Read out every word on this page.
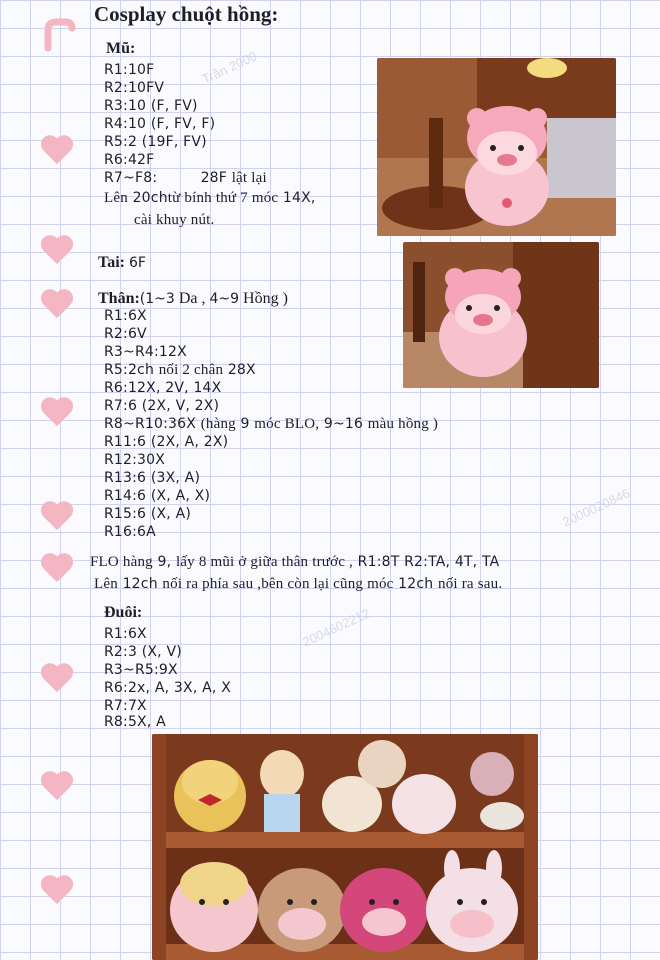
Trần 2000
2000020846
2004602212
Cosplay chuột hồng:
Mũ:
R1:10F
R2:10FV
R3:10 (F, FV)
R4:10 (F, FV, F)
R5:2 (19F, FV)
R6:42F
R7~F8:	28F lật lại
Lên 20chtừ bính thứ 7 móc 14X,
cài khuy nút.
Tai: 6F
Thân:(1~3 Da , 4~9 Hồng )
R1:6X
R2:6V
R3~R4:12X
R5:2ch nối 2 chân 28X
R6:12X, 2V, 14X
R7:6 (2X, V, 2X)
R8~R10:36X (hàng 9 móc BLO, 9~16 màu hồng )
R11:6 (2X, A, 2X)
R12:30X
R13:6 (3X, A)
R14:6 (X, A, X)
R15:6 (X, A)
R16:6A
FLO hàng 9, lấy 8 mũi ở giữa thân trước , R1:8T R2:TA, 4T, TA
Lên 12ch nối ra phía sau ,bên còn lại cũng móc 12ch nối ra sau.
Đuôi:
R1:6X
R2:3 (X, V)
R3~R5:9X
R6:2x, A, 3X, A, X
R7:7X
R8:5X, A
